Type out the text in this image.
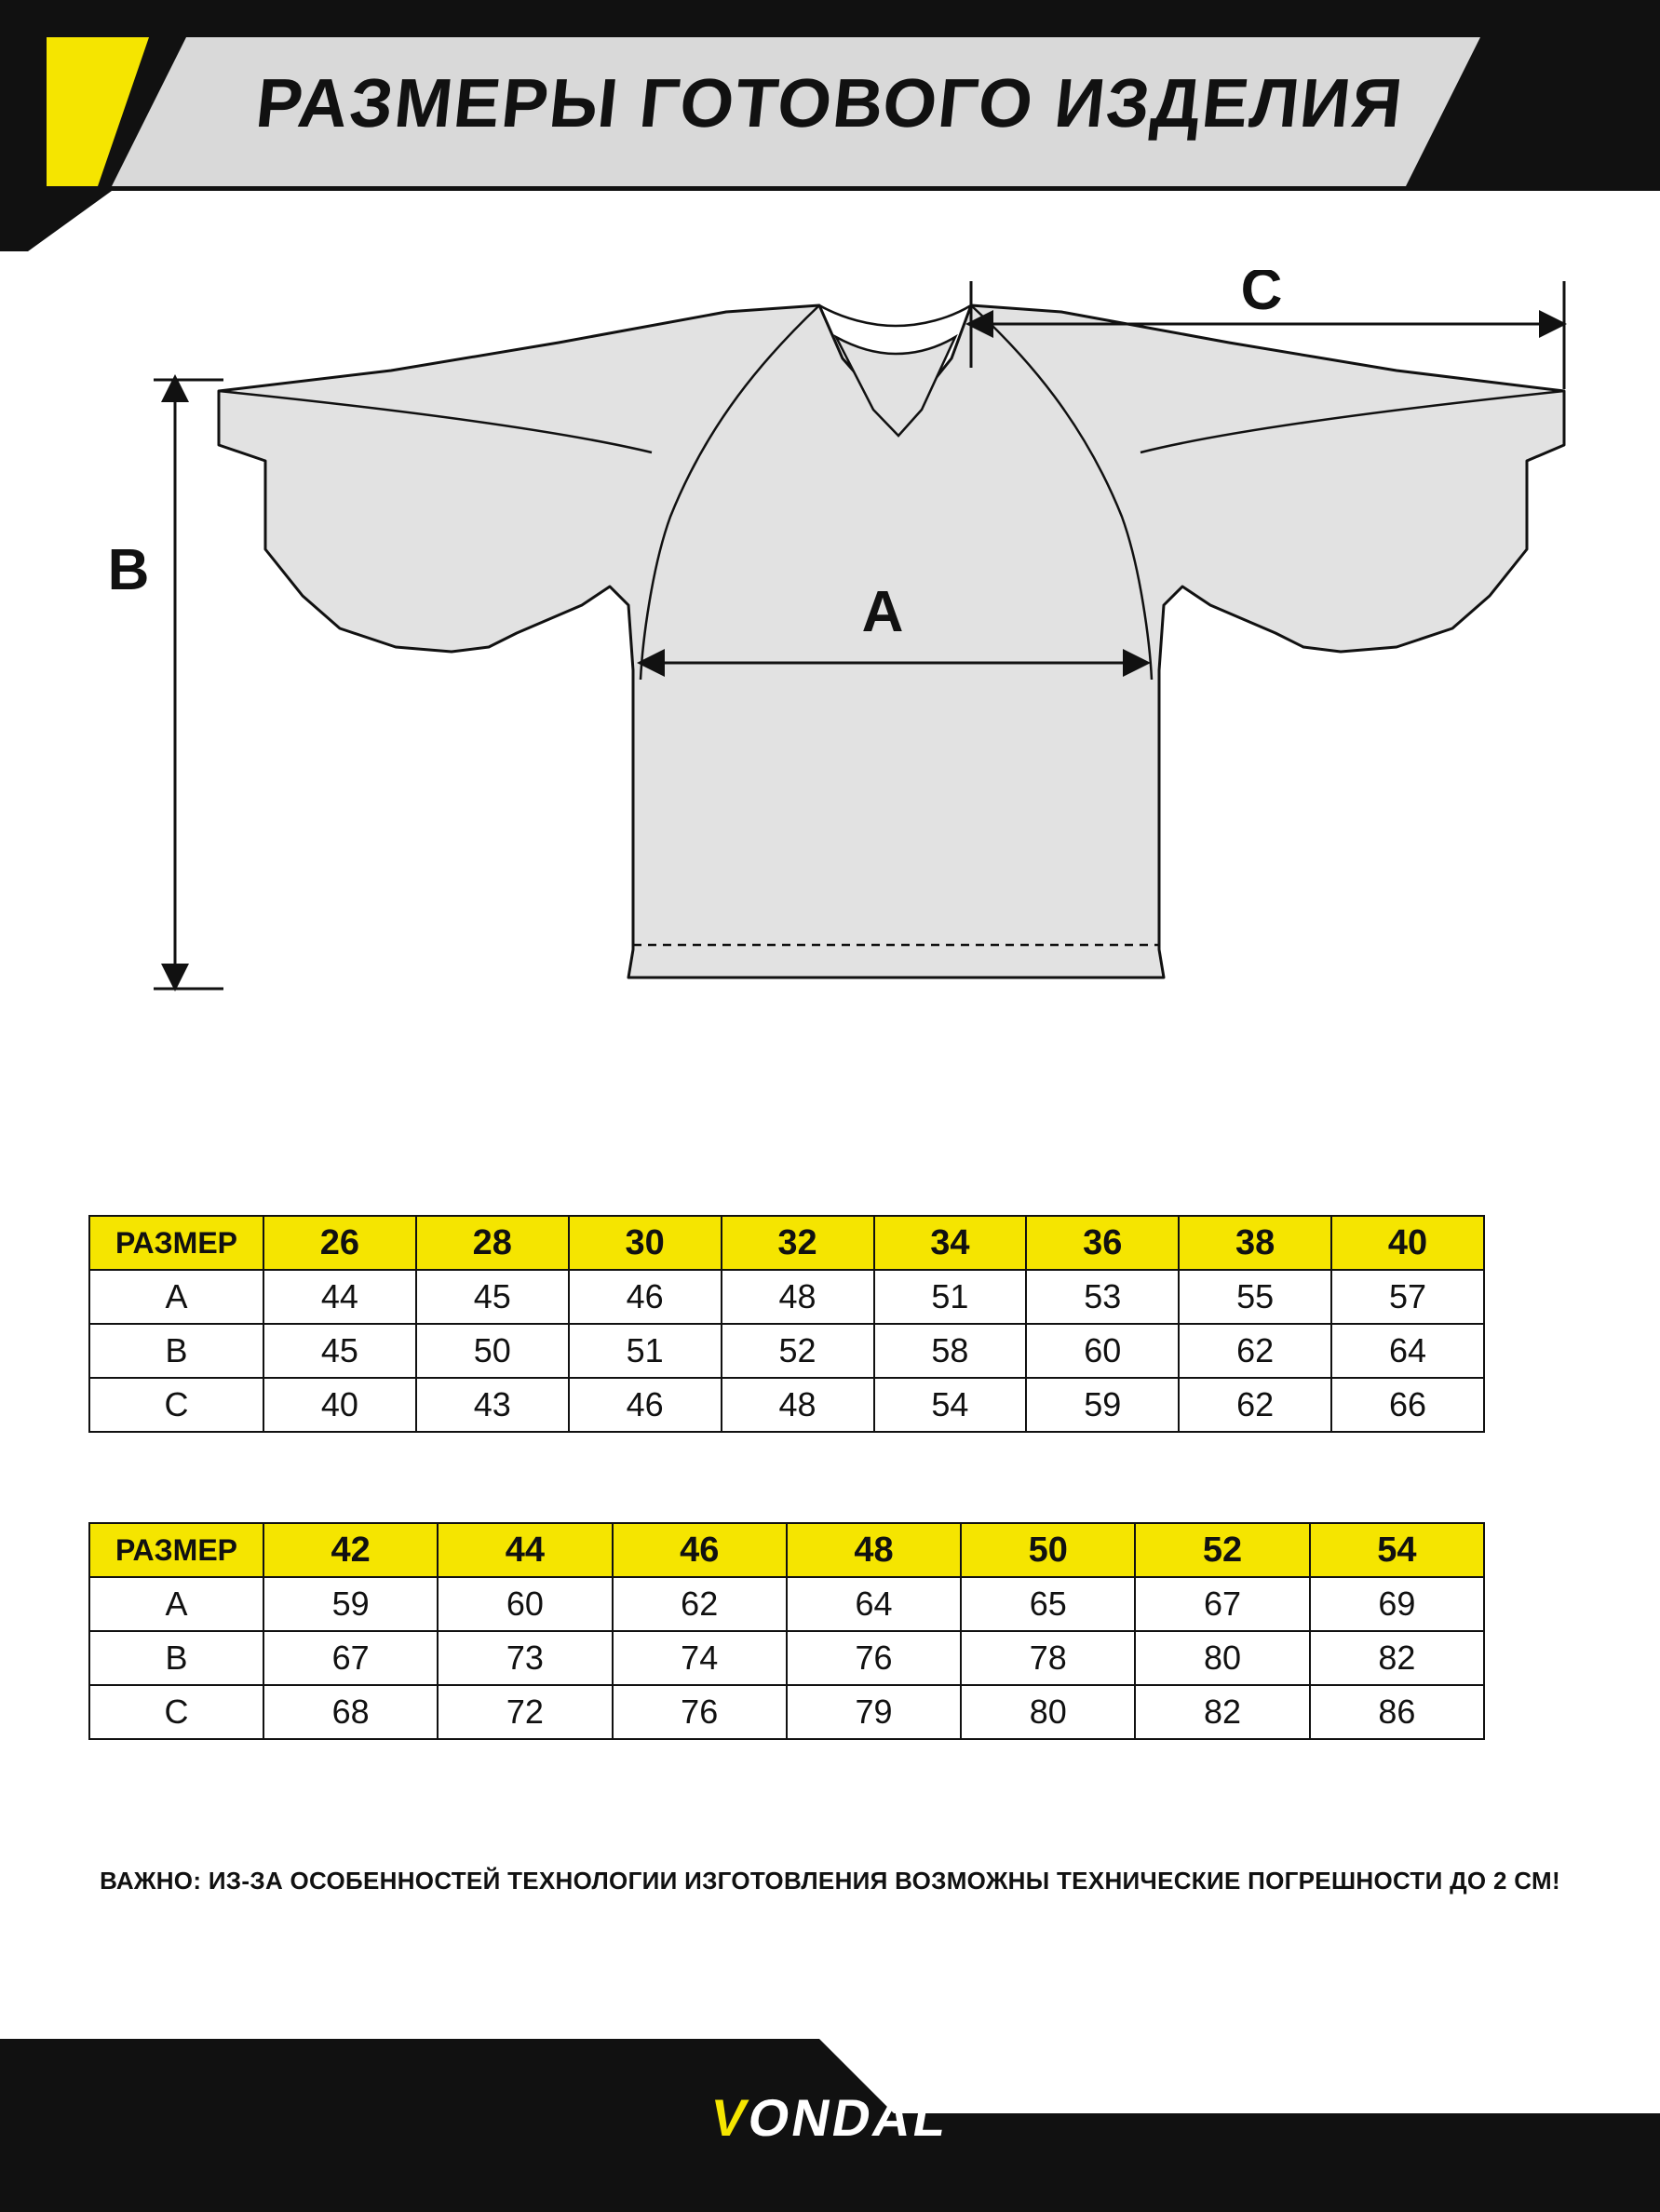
РАЗМЕРЫ ГОТОВОГО ИЗДЕЛИЯ
B
A
C
РАЗМЕР	26	28	30	32	34	36	38	40
A	44	45	46	48	51	53	55	57
B	45	50	51	52	58	60	62	64
C	40	43	46	48	54	59	62	66
РАЗМЕР	42	44	46	48	50	52	54
A	59	60	62	64	65	67	69
B	67	73	74	76	78	80	82
C	68	72	76	79	80	82	86
ВАЖНО: ИЗ-ЗА ОСОБЕННОСТЕЙ ТЕХНОЛОГИИ ИЗГОТОВЛЕНИЯ ВОЗМОЖНЫ ТЕХНИЧЕСКИЕ ПОГРЕШНОСТИ ДО 2 СМ!
VONDAL
